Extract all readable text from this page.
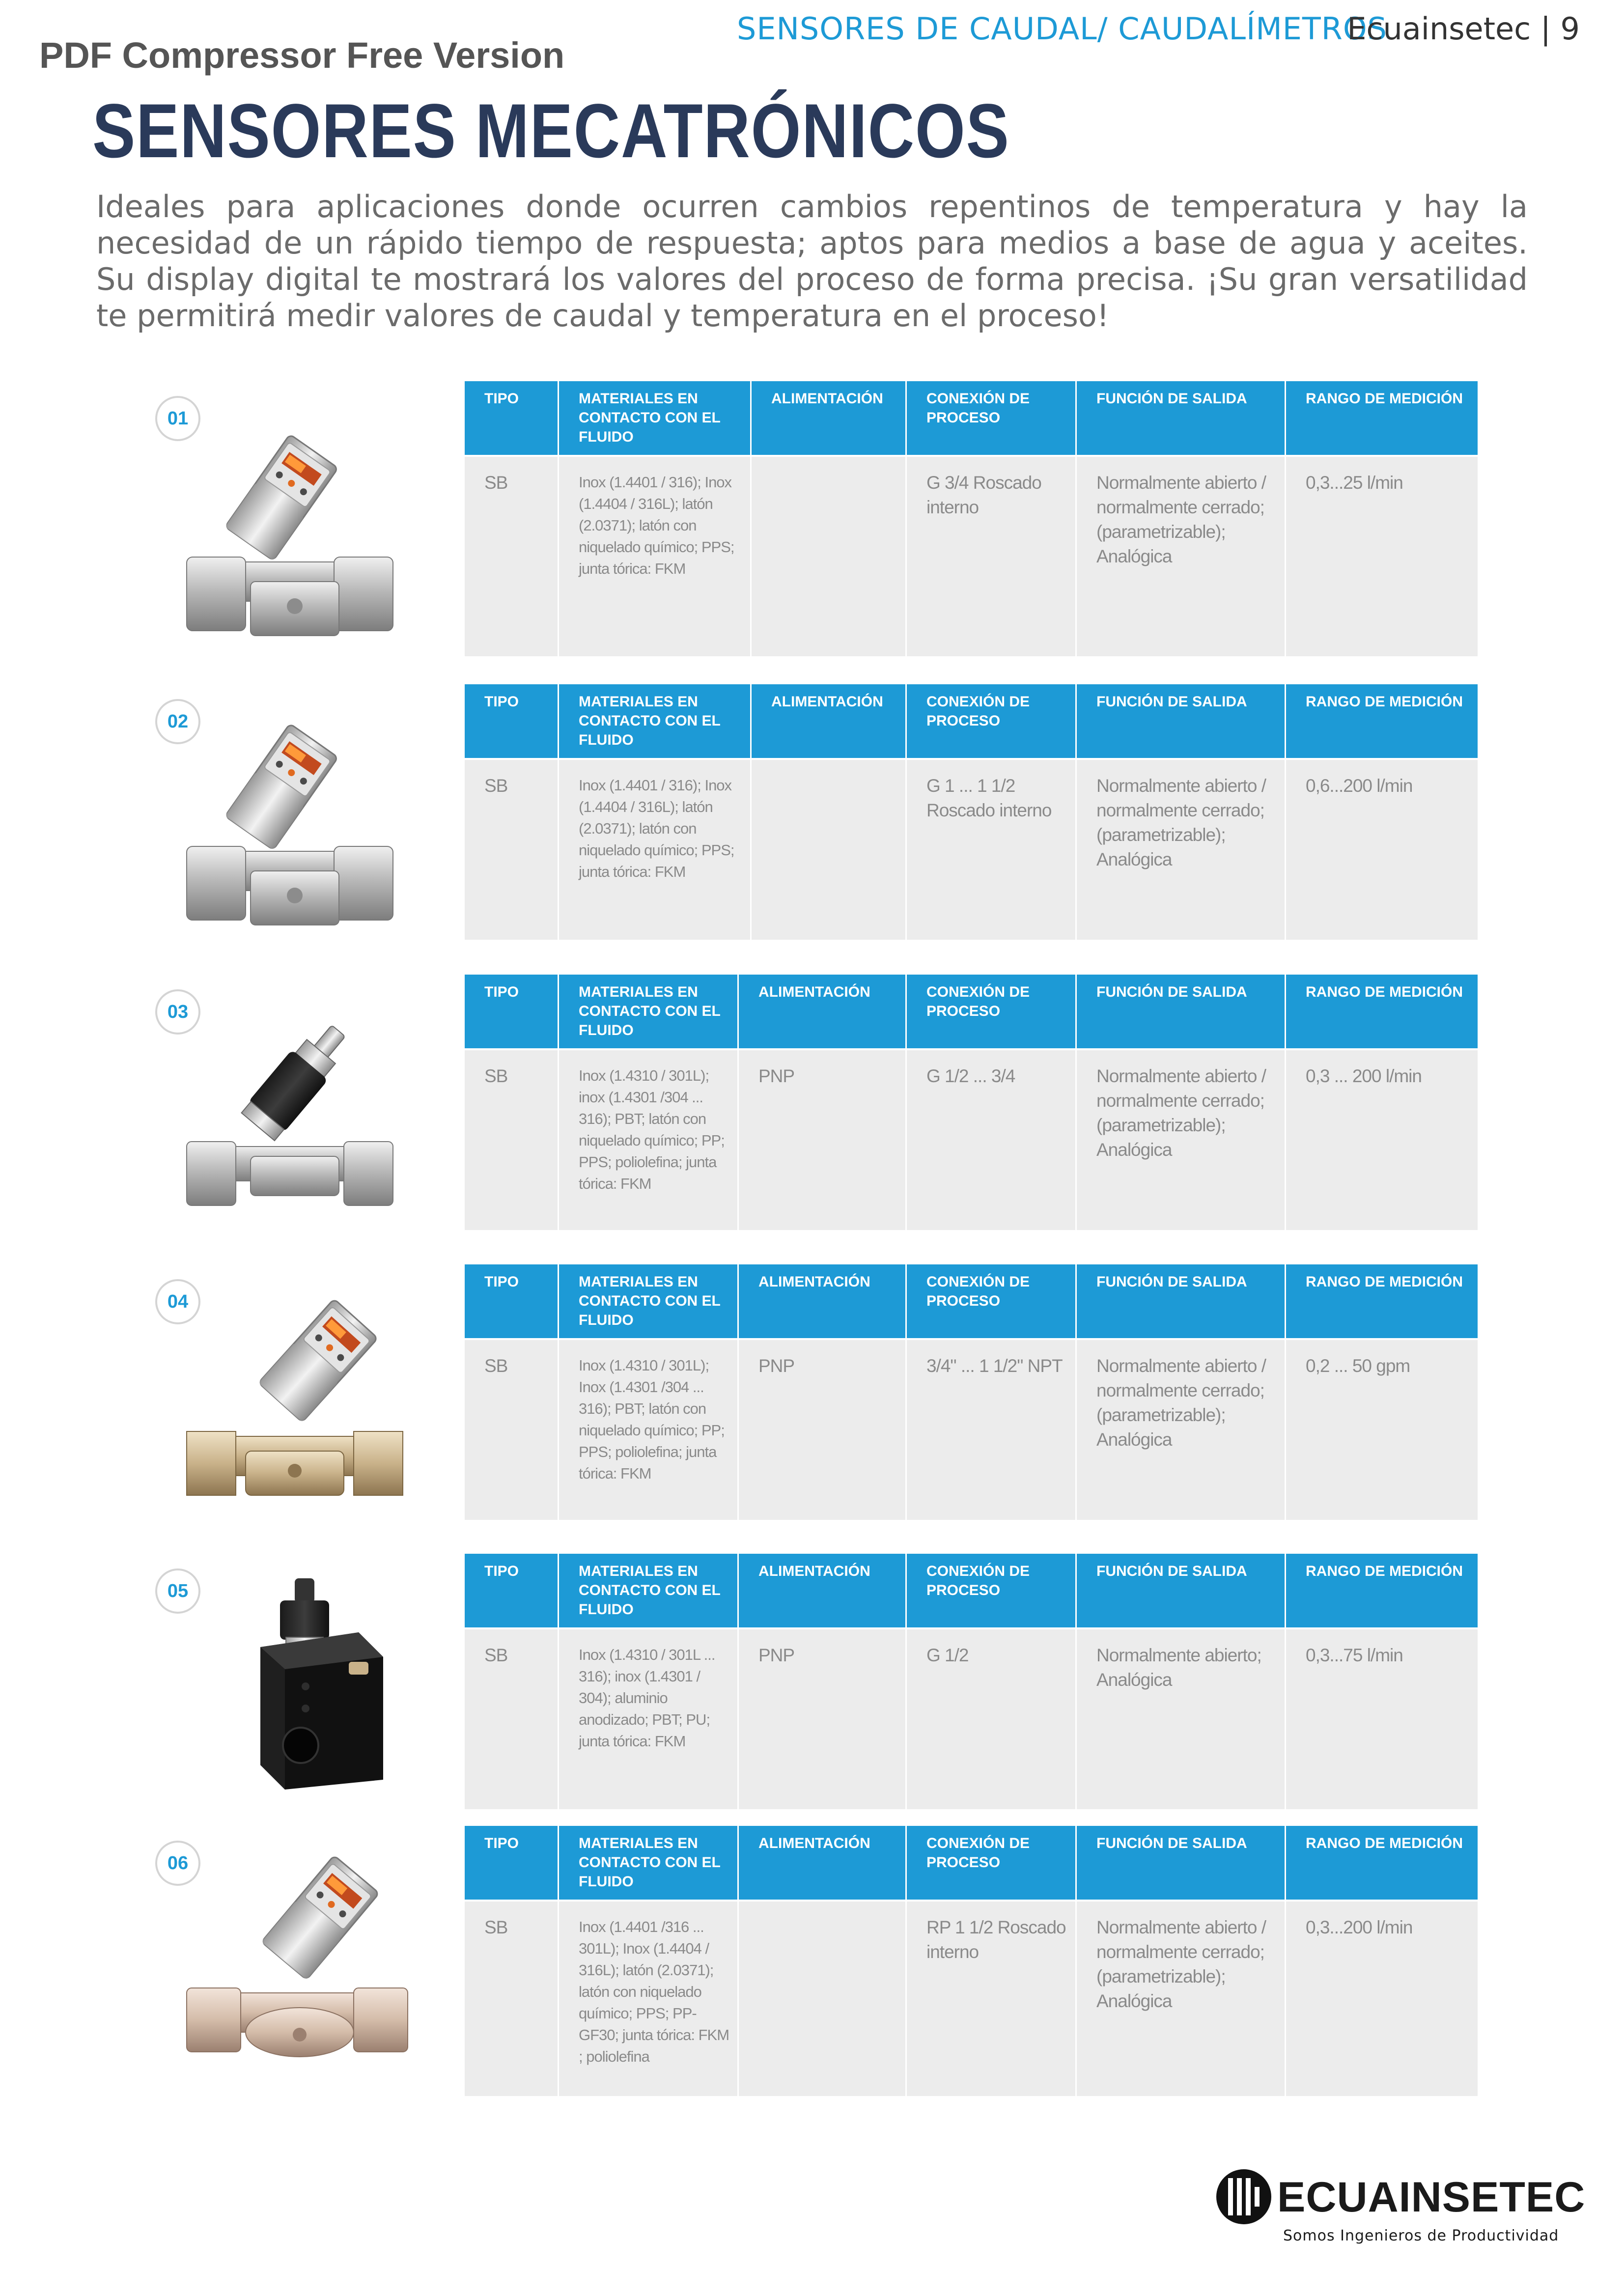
PDF Compressor Free Version
SENSORES DE CAUDAL/ CAUDALÍMETROS
Ecuainsetec | 9
SENSORES MECATRÓNICOS
Ideales para aplicaciones donde ocurren cambios repentinos de temperatura y hay la necesidad de un rápido tiempo de respuesta; aptos para medios a base de agua y aceites. Su display digital te mostrará los valores del proceso de forma precisa. ¡Su gran versatilidad te permitirá medir valores de caudal y temperatura en el proceso!
01
TIPO	MATERIALES EN CONTACTO CON EL FLUIDO	ALIMENTACIÓN	CONEXIÓN DE PROCESO	FUNCIÓN DE SALIDA	RANGO DE MEDICIÓN
SB	Inox (1.4401 / 316); Inox (1.4404 / 316L); latón (2.0371); latón con niquelado químico; PPS; junta tórica: FKM		G 3/4 Roscado interno	Normalmente abierto / normalmente cerrado; (parametrizable); Analógica	0,3...25 l/min
02
TIPO	MATERIALES EN CONTACTO CON EL FLUIDO	ALIMENTACIÓN	CONEXIÓN DE PROCESO	FUNCIÓN DE SALIDA	RANGO DE MEDICIÓN
SB	Inox (1.4401 / 316); Inox (1.4404 / 316L); latón (2.0371); latón con niquelado químico; PPS; junta tórica: FKM		G 1 ... 1 1/2 Roscado interno	Normalmente abierto / normalmente cerrado; (parametrizable); Analógica	0,6...200 l/min
03
TIPO	MATERIALES EN CONTACTO CON EL FLUIDO	ALIMENTACIÓN	CONEXIÓN DE PROCESO	FUNCIÓN DE SALIDA	RANGO DE MEDICIÓN
SB	Inox (1.4310 / 301L); inox (1.4301 /304 ... 316); PBT; latón con niquelado químico; PP; PPS; poliolefina; junta tórica: FKM	PNP	G 1/2 ... 3/4	Normalmente abierto / normalmente cerrado; (parametrizable); Analógica	0,3 ... 200 l/min
04
TIPO	MATERIALES EN CONTACTO CON EL FLUIDO	ALIMENTACIÓN	CONEXIÓN DE PROCESO	FUNCIÓN DE SALIDA	RANGO DE MEDICIÓN
SB	Inox (1.4310 / 301L); Inox (1.4301 /304 ... 316); PBT; latón con niquelado químico; PP; PPS; poliolefina; junta tórica: FKM	PNP	3/4" ... 1 1/2" NPT	Normalmente abierto / normalmente cerrado; (parametrizable); Analógica	0,2 ... 50 gpm
05
TIPO	MATERIALES EN CONTACTO CON EL FLUIDO	ALIMENTACIÓN	CONEXIÓN DE PROCESO	FUNCIÓN DE SALIDA	RANGO DE MEDICIÓN
SB	Inox (1.4310 / 301L ... 316); inox (1.4301 / 304); aluminio anodizado; PBT; PU; junta tórica: FKM	PNP	G 1/2	Normalmente abierto; Analógica	0,3...75 l/min
06
TIPO	MATERIALES EN CONTACTO CON EL FLUIDO	ALIMENTACIÓN	CONEXIÓN DE PROCESO	FUNCIÓN DE SALIDA	RANGO DE MEDICIÓN
SB	Inox (1.4401 /316 ... 301L); Inox (1.4404 / 316L); latón (2.0371); latón con niquelado químico; PPS; PP-GF30; junta tórica: FKM ; poliolefina		RP 1 1/2 Roscado interno	Normalmente abierto / normalmente cerrado; (parametrizable); Analógica	0,3...200 l/min
ECUAINSETEC
Somos Ingenieros de Productividad
